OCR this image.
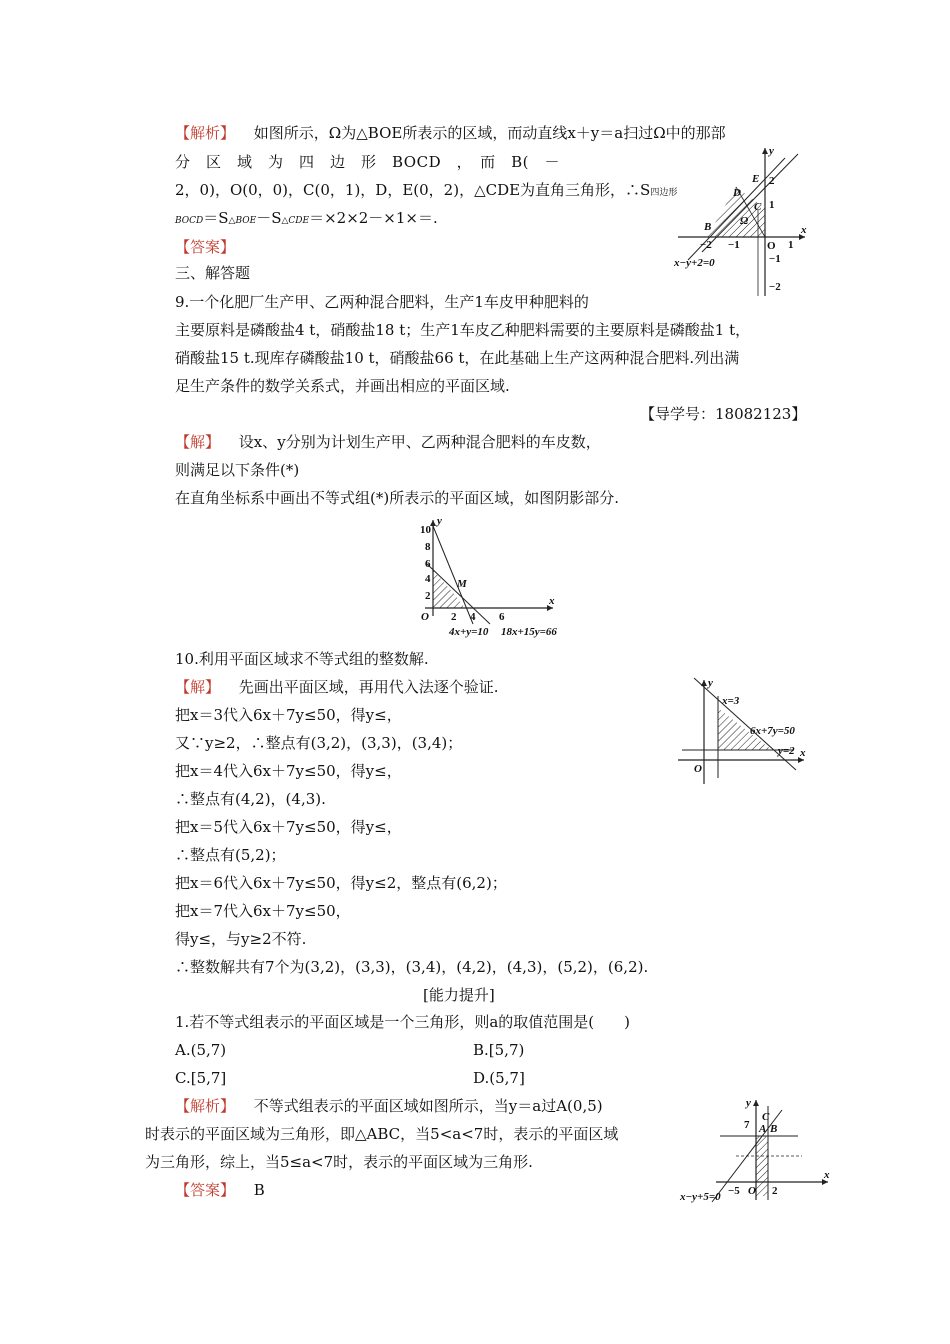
【解析】 如图所示，Ω为△BOE所表示的区域，而动直线x＋y＝a扫过Ω中的那部
分　区　域　为　四　边　形　BOCD　，　而　B(　－
2，0)，O(0，0)，C(0，1)，D，E(0，2)，△CDE为直角三角形，∴S四边形
BOCD＝S△BOE－S△CDE＝×2×2－×1×＝.
【答案】
三、解答题
9.一个化肥厂生产甲、乙两种混合肥料，生产1车皮甲种肥料的
主要原料是磷酸盐4 t，硝酸盐18 t；生产1车皮乙种肥料需要的主要原料是磷酸盐1 t，
硝酸盐15 t.现库存磷酸盐10 t，硝酸盐66 t，在此基础上生产这两种混合肥料.列出满
足生产条件的数学关系式，并画出相应的平面区域.
【导学号：18082123】
【解】 设x、y分别为计划生产甲、乙两种混合肥料的车皮数，
则满足以下条件(*)
在直角坐标系中画出不等式组(*)所表示的平面区域，如图阴影部分.
10.利用平面区域求不等式组的整数解.
【解】 先画出平面区域，再用代入法逐个验证.
把x＝3代入6x＋7y≤50，得y≤，
又∵y≥2，∴整点有(3,2)，(3,3)，(3,4)；
把x＝4代入6x＋7y≤50，得y≤，
∴整点有(4,2)，(4,3).
把x＝5代入6x＋7y≤50，得y≤，
∴整点有(5,2)；
把x＝6代入6x＋7y≤50，得y≤2，整点有(6,2)；
把x＝7代入6x＋7y≤50，
得y≤，与y≥2不符.
∴整数解共有7个为(3,2)，(3,3)，(3,4)，(4,2)，(4,3)，(5,2)，(6,2).
[能力提升]
1.若不等式组表示的平面区域是一个三角形，则a的取值范围是(　　)
A.(5,7)	B.[5,7)
C.[5,7]	D.(5,7]
【解析】 不等式组表示的平面区域如图所示，当y＝a过A(0,5)
时表示的平面区域为三角形，即△ABC，当5<a<7时，表示的平面区域
为三角形，综上，当5≤a<7时，表示的平面区域为三角形.
【答案】 B
y
x
E
D
C
B	Ω
O
2
1
−1
−2
−2 −1	1
x−y+2=0
y
x
O
M
10
8
6
4
2
2 4 6
4x+y=10 18x+15y=66
y
x
O
x=3
6x+7y=50
y=2
y
x
A B
C
7
2
−5 O
x−y+5=0
